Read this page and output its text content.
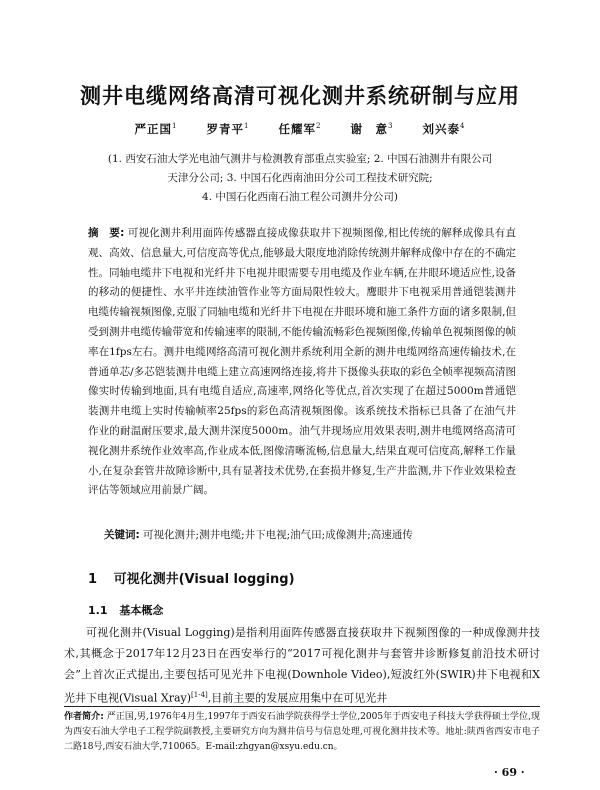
测井电缆网络高清可视化测井系统研制与应用
严正国$^1$	罗青平$^1$	任耀军$^2$	谢　意$^3$	刘兴泰$^4$
(1. 西安石油大学光电油气测井与检测教育部重点实验室; 2. 中国石油测井有限公司
天津分公司; 3. 中国石化西南油田分公司工程技术研究院;
4. 中国石化西南石油工程公司测井分公司)
摘　要: 可视化测井利用面阵传感器直接成像获取井下视频图像,相比传统的解释成像具有直观、高效、信息量大,可信度高等优点,能够最大限度地消除传统测井解释成像中存在的不确定性。同轴电缆井下电视和光纤井下电视井眼需要专用电缆及作业车辆,在井眼环境适应性,设备的移动的便捷性、水平井连续油管作业等方面局限性较大。鹰眼井下电视采用普通铠装测井电缆传输视频图像,克服了同轴电缆和光纤井下电视在井眼环境和施工条件方面的诸多限制,但受到测井电缆传输带宽和传输速率的限制,不能传输流畅彩色视频图像,传输单色视频图像的帧率在1fps左右。测井电缆网络高清可视化测井系统利用全新的测井电缆网络高速传输技术,在普通单芯/多芯铠装测井电缆上建立高速网络连接,将井下摄像头获取的彩色全帧率视频高清图像实时传输到地面,具有电缆自适应,高速率,网络化等优点,首次实现了在超过5000m普通铠装测井电缆上实时传输帧率25fps的彩色高清视频图像。该系统技术指标已具备了在油气井作业的耐温耐压要求,最大测井深度5000m。油气井现场应用效果表明,测井电缆网络高清可视化测井系统作业效率高,作业成本低,图像清晰流畅,信息量大,结果直观可信度高,解释工作量小,在复杂套管井故障诊断中,具有显著技术优势,在套损井修复,生产井监测,井下作业效果检查评估等领域应用前景广阔。
关键词: 可视化测井;测井电缆;井下电视;油气田;成像测井;高速通传
1 可视化测井(Visual logging)
1.1 基本概念
可视化测井(Visual Logging)是指利用面阵传感器直接获取井下视频图像的一种成像测井技术,其概念于2017年12月23日在西安举行的“2017可视化测井与套管井诊断修复前沿技术研讨会”上首次正式提出,主要包括可见光井下电视(Downhole Video),短波红外(SWIR)井下电视和X光井下电视(Visual Xray)[1-4],目前主要的发展应用集中在可见光井
作者简介: 严正国,男,1976年4月生,1997年于西安石油学院获得学士学位,2005年于西安电子科技大学获得硕士学位,现为西安石油大学电子工程学院副教授,主要研究方向为测井信号与信息处理,可视化测井技术等。地址:陕西省西安市电子二路18号,西安石油大学,710065。E-mail:zhgyan@xsyu.edu.cn。
· 69 ·
